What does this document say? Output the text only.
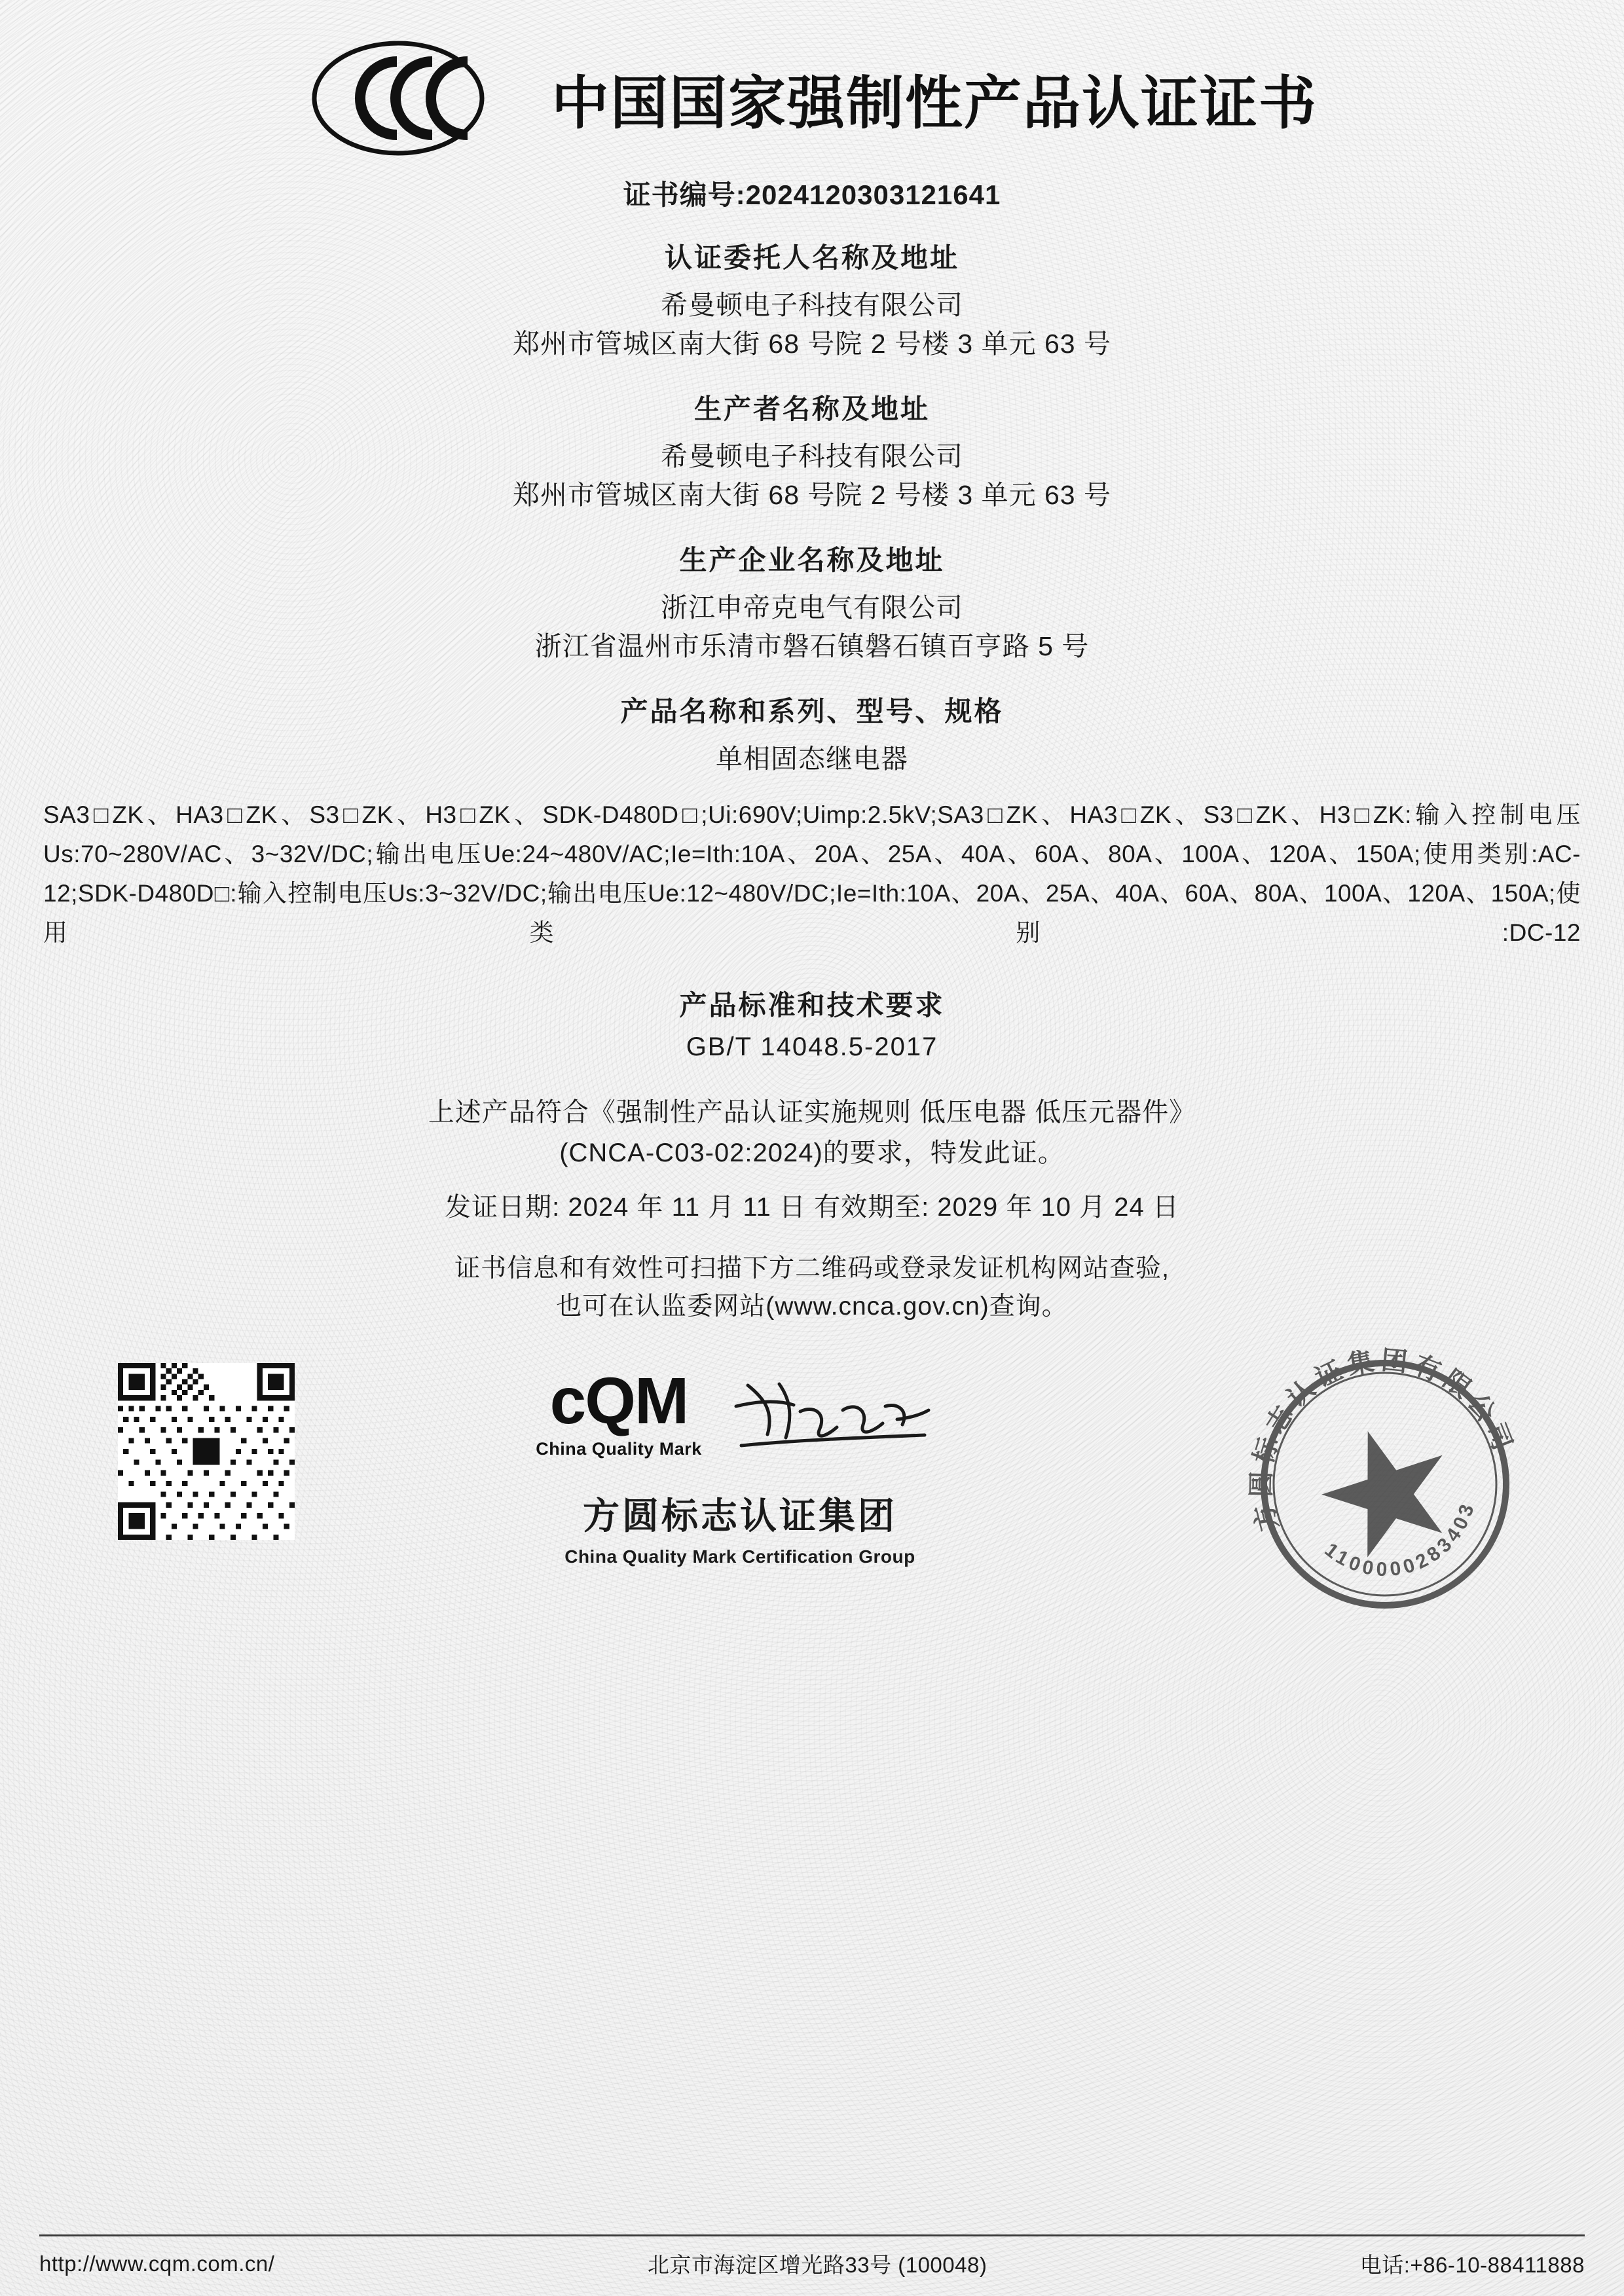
中国国家强制性产品认证证书
证书编号:2024120303121641
认证委托人名称及地址
希曼顿电子科技有限公司
郑州市管城区南大街 68 号院 2 号楼 3 单元 63 号
生产者名称及地址
希曼顿电子科技有限公司
郑州市管城区南大街 68 号院 2 号楼 3 单元 63 号
生产企业名称及地址
浙江申帝克电气有限公司
浙江省温州市乐清市磐石镇磐石镇百亨路 5 号
产品名称和系列、型号、规格
单相固态继电器
SA3□ZK、HA3□ZK、S3□ZK、H3□ZK、SDK-D480D□;Ui:690V;Uimp:2.5kV;SA3□ZK、HA3□ZK、S3□ZK、H3□ZK:输入控制电压Us:70~280V/AC、3~32V/DC;输出电压Ue:24~480V/AC;Ie=Ith:10A、20A、25A、40A、60A、80A、100A、120A、150A;使用类别:AC-12;SDK-D480D□:输入控制电压Us:3~32V/DC;输出电压Ue:12~480V/DC;Ie=Ith:10A、20A、25A、40A、60A、80A、100A、120A、150A;使用类别:DC-12
产品标准和技术要求
GB/T 14048.5-2017
上述产品符合《强制性产品认证实施规则 低压电器 低压元器件》
(CNCA-C03-02:2024)的要求，特发此证。
发证日期: 2024 年 11 月 11 日 有效期至: 2029 年 10 月 24 日
证书信息和有效性可扫描下方二维码或登录发证机构网站查验,
也可在认监委网站(www.cnca.gov.cn)查询。
cQM
China Quality Mark
方圆标志认证集团
China Quality Mark Certification Group
方圆标志认证集团有限公司
1100000283403
http://www.cqm.com.cn/	北京市海淀区增光路33号 (100048)	电话:+86-10-88411888
